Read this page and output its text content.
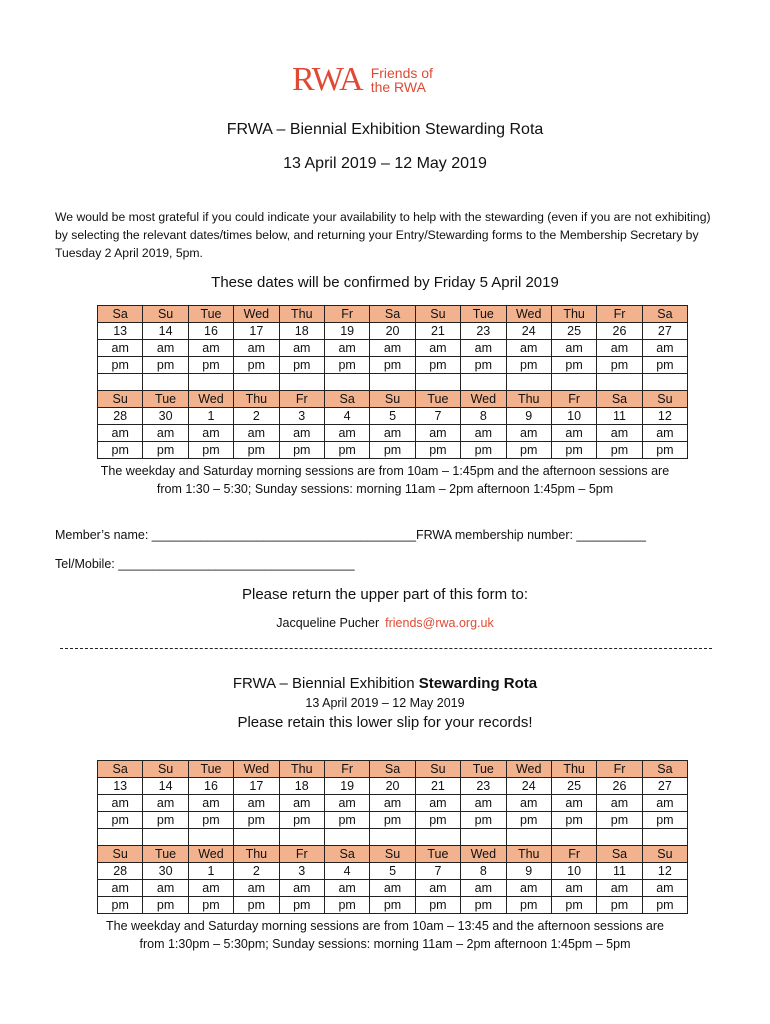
RWA Friends of
the RWA
FRWA – Biennial Exhibition Stewarding Rota
13 April 2019 – 12 May 2019
We would be most grateful if you could indicate your availability to help with the stewarding (even if you are not exhibiting) by selecting the relevant dates/times below, and returning your Entry/Stewarding forms to the Membership Secretary by Tuesday 2 April 2019, 5pm.
These dates will be confirmed by Friday 5 April 2019
Sa	Su	Tue	Wed	Thu	Fr	Sa	Su	Tue	Wed	Thu	Fr	Sa
13	14	16	17	18	19	20	21	23	24	25	26	27
am	am	am	am	am	am	am	am	am	am	am	am	am
pm	pm	pm	pm	pm	pm	pm	pm	pm	pm	pm	pm	pm

Su	Tue	Wed	Thu	Fr	Sa	Su	Tue	Wed	Thu	Fr	Sa	Su
28	30	1	2	3	4	5	7	8	9	10	11	12
am	am	am	am	am	am	am	am	am	am	am	am	am
pm	pm	pm	pm	pm	pm	pm	pm	pm	pm	pm	pm	pm
The weekday and Saturday morning sessions are from 10am – 1:45pm and the afternoon sessions are
from 1:30 – 5:30; Sunday sessions: morning 11am – 2pm afternoon 1:45pm – 5pm
Member’s name: ______________________________________FRWA membership number: __________
Tel/Mobile: __________________________________
Please return the upper part of this form to:
Jacqueline Pucher friends@rwa.org.uk
FRWA – Biennial Exhibition Stewarding Rota
13 April 2019 – 12 May 2019
Please retain this lower slip for your records!
Sa	Su	Tue	Wed	Thu	Fr	Sa	Su	Tue	Wed	Thu	Fr	Sa
13	14	16	17	18	19	20	21	23	24	25	26	27
am	am	am	am	am	am	am	am	am	am	am	am	am
pm	pm	pm	pm	pm	pm	pm	pm	pm	pm	pm	pm	pm

Su	Tue	Wed	Thu	Fr	Sa	Su	Tue	Wed	Thu	Fr	Sa	Su
28	30	1	2	3	4	5	7	8	9	10	11	12
am	am	am	am	am	am	am	am	am	am	am	am	am
pm	pm	pm	pm	pm	pm	pm	pm	pm	pm	pm	pm	pm
The weekday and Saturday morning sessions are from 10am – 13:45 and the afternoon sessions are
from 1:30pm – 5:30pm; Sunday sessions: morning 11am – 2pm afternoon 1:45pm – 5pm
